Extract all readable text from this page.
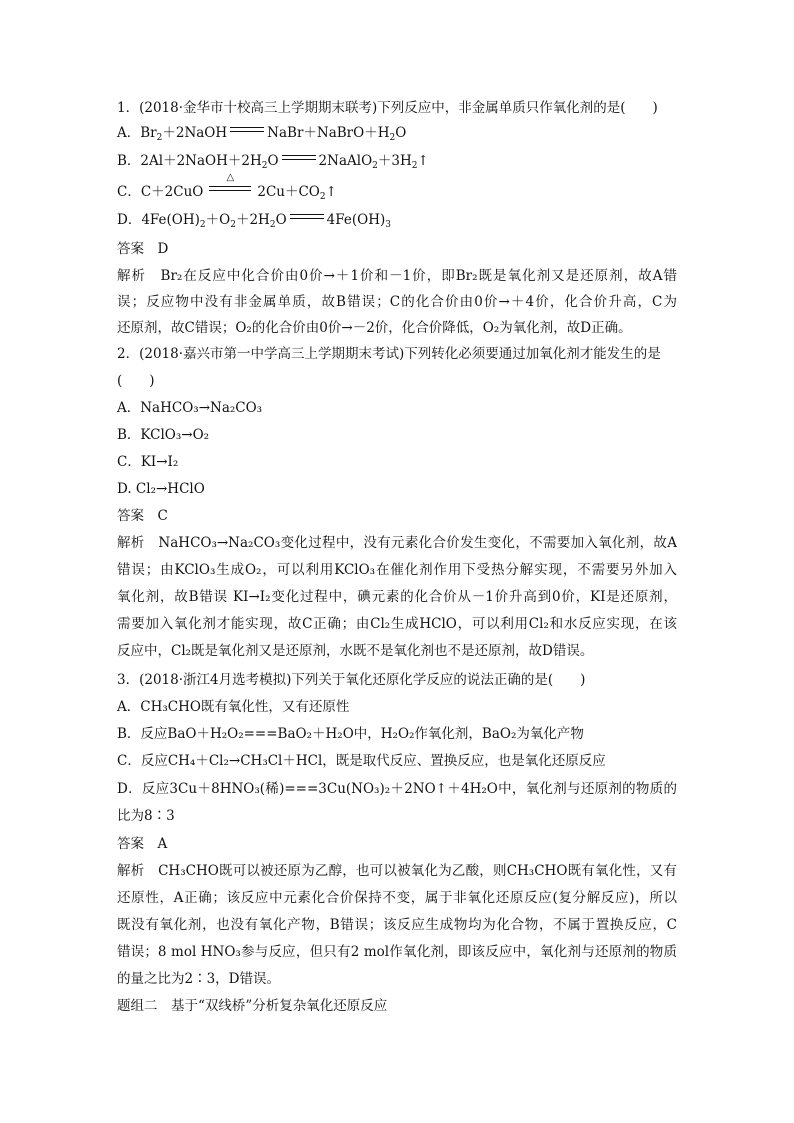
1．(2018·金华市十校高三上学期期末联考)下列反应中，非金属单质只作氧化剂的是(　　)
A．$Br_2+2NaOH$	$NaBr+NaBrO+H_2O$
B．$2Al+2NaOH+2H_2O$	$2NaAlO_2+3H_2↑$
C．C＋2CuO
△
$2Cu+CO_2↑$
D．$4Fe(OH)_2+O_2+2H_2O$	$4Fe(OH)_3$
答案　D
解析　Br₂在反应中化合价由0价→＋1价和－1价，即Br₂既是氧化剂又是还原剂，故A错
误；反应物中没有非金属单质，故B错误；C的化合价由0价→＋4价，化合价升高，C为
还原剂，故C错误；O₂的化合价由0价→－2价，化合价降低，O₂为氧化剂，故D正确。
2．(2018·嘉兴市第一中学高三上学期期末考试)下列转化必须要通过加氧化剂才能发生的是
(　　)
A．NaHCO₃→Na₂CO₃
B．KClO₃→O₂
C．KI→I₂
D. Cl₂→HClO
答案　C
解析　NaHCO₃→Na₂CO₃变化过程中，没有元素化合价发生变化，不需要加入氧化剂，故A
错误；由KClO₃生成O₂，可以利用KClO₃在催化剂作用下受热分解实现，不需要另外加入
氧化剂，故B错误 KI→I₂变化过程中，碘元素的化合价从－1价升高到0价，KI是还原剂，
需要加入氧化剂才能实现，故C正确；由Cl₂生成HClO，可以利用Cl₂和水反应实现，在该
反应中，Cl₂既是氧化剂又是还原剂，水既不是氧化剂也不是还原剂，故D错误。
3．(2018·浙江4月选考模拟)下列关于氧化还原化学反应的说法正确的是(　　)
A．CH₃CHO既有氧化性，又有还原性
B．反应BaO＋H₂O₂===BaO₂＋H₂O中，H₂O₂作氧化剂，BaO₂为氧化产物
C．反应CH₄＋Cl₂→CH₃Cl＋HCl，既是取代反应、置换反应，也是氧化还原反应
D．反应3Cu＋8HNO₃(稀)===3Cu(NO₃)₂＋2NO↑＋4H₂O中，氧化剂与还原剂的物质的
比为8∶3
答案　A
解析　CH₃CHO既可以被还原为乙醇，也可以被氧化为乙酸，则CH₃CHO既有氧化性，又有
还原性，A正确；该反应中元素化合价保持不变，属于非氧化还原反应(复分解反应)，所以
既没有氧化剂，也没有氧化产物，B错误；该反应生成物均为化合物，不属于置换反应，C
错误；8 mol HNO₃参与反应，但只有2 mol作氧化剂，即该反应中，氧化剂与还原剂的物质
的量之比为2∶3，D错误。
题组二　基于“双线桥”分析复杂氧化还原反应
